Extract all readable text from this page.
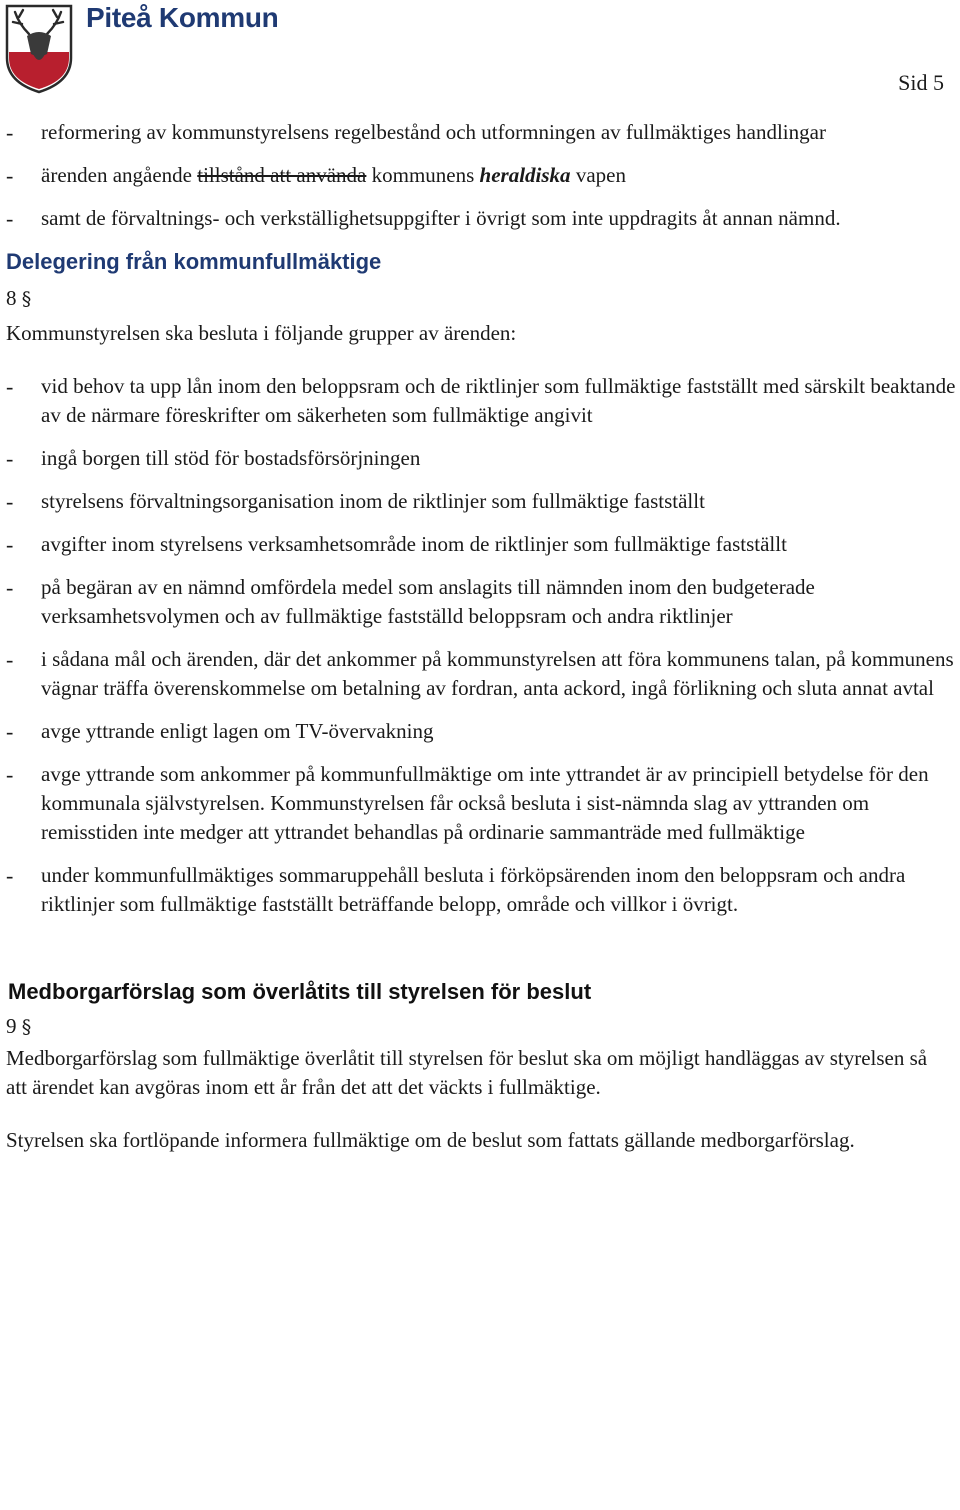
Piteå Kommun
Sid 5
- reformering av kommunstyrelsens regelbestånd och utformningen av fullmäktiges handlingar
- ärenden angående tillstånd att använda kommunens heraldiska vapen
- samt de förvaltnings- och verkställighetsuppgifter i övrigt som inte uppdragits åt annan nämnd.
Delegering från kommunfullmäktige
8 §
Kommunstyrelsen ska besluta i följande grupper av ärenden:
- vid behov ta upp lån inom den beloppsram och de riktlinjer som fullmäktige fastställt med särskilt beaktande av de närmare föreskrifter om säkerheten som fullmäktige angivit
- ingå borgen till stöd för bostadsförsörjningen
- styrelsens förvaltningsorganisation inom de riktlinjer som fullmäktige fastställt
- avgifter inom styrelsens verksamhetsområde inom de riktlinjer som fullmäktige fastställt
- på begäran av en nämnd omfördela medel som anslagits till nämnden inom den budgeterade verksamhetsvolymen och av fullmäktige fastställd beloppsram och andra riktlinjer
- i sådana mål och ärenden, där det ankommer på kommunstyrelsen att föra kommunens talan, på kommunens vägnar träffa överenskommelse om betalning av fordran, anta ackord, ingå förlikning och sluta annat avtal
- avge yttrande enligt lagen om TV-övervakning
- avge yttrande som ankommer på kommunfullmäktige om inte yttrandet är av principiell betydelse för den kommunala självstyrelsen. Kommunstyrelsen får också besluta i sist-nämnda slag av yttranden om remisstiden inte medger att yttrandet behandlas på ordinarie sammanträde med fullmäktige
- under kommunfullmäktiges sommaruppehåll besluta i förköpsärenden inom den beloppsram och andra riktlinjer som fullmäktige fastställt beträffande belopp, område och villkor i övrigt.
Medborgarförslag som överlåtits till styrelsen för beslut
9 §
Medborgarförslag som fullmäktige överlåtit till styrelsen för beslut ska om möjligt handläggas av styrelsen så att ärendet kan avgöras inom ett år från det att det väckts i fullmäktige.
Styrelsen ska fortlöpande informera fullmäktige om de beslut som fattats gällande medborgarförslag.
